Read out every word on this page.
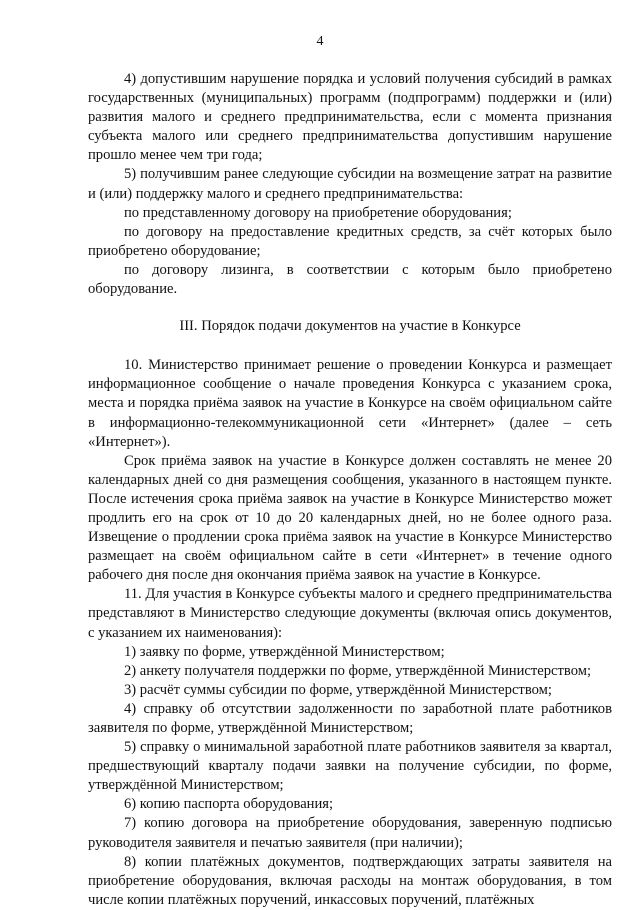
4

4) допустившим нарушение порядка и условий получения субсидий в рамках государственных (муниципальных) программ (подпрограмм) поддержки и (или) развития малого и среднего предпринимательства, если с момента признания субъекта малого или среднего предпринимательства допустившим нарушение прошло менее чем три года;

5) получившим ранее следующие субсидии на возмещение затрат на развитие и (или) поддержку малого и среднего предпринимательства:

по представленному договору на приобретение оборудования;

по договору на предоставление кредитных средств, за счёт которых было приобретено оборудование;

по договору лизинга, в соответствии с которым было приобретено оборудование.

III. Порядок подачи документов на участие в Конкурсе

10. Министерство принимает решение о проведении Конкурса и размещает информационное сообщение о начале проведения Конкурса с указанием срока, места и порядка приёма заявок на участие в Конкурсе на своём официальном сайте в информационно-телекоммуникационной сети «Интернет» (далее – сеть «Интернет»).

Срок приёма заявок на участие в Конкурсе должен составлять не менее 20 календарных дней со дня размещения сообщения, указанного в настоящем пункте. После истечения срока приёма заявок на участие в Конкурсе Министерство может продлить его на срок от 10 до 20 календарных дней, но не более одного раза. Извещение о продлении срока приёма заявок на участие в Конкурсе Министерство размещает на своём официальном сайте в сети «Интернет» в течение одного рабочего дня после дня окончания приёма заявок на участие в Конкурсе.

11. Для участия в Конкурсе субъекты малого и среднего предпринимательства представляют в Министерство следующие документы (включая опись документов, с указанием их наименования):

1) заявку по форме, утверждённой Министерством;

2) анкету получателя поддержки по форме, утверждённой Министерством;

3) расчёт суммы субсидии по форме, утверждённой Министерством;

4) справку об отсутствии задолженности по заработной плате работников заявителя по форме, утверждённой Министерством;

5) справку о минимальной заработной плате работников заявителя за квартал, предшествующий кварталу подачи заявки на получение субсидии, по форме, утверждённой Министерством;

6) копию паспорта оборудования;

7) копию договора на приобретение оборудования, заверенную подписью руководителя заявителя и печатью заявителя (при наличии);

8) копии платёжных документов, подтверждающих затраты заявителя на приобретение оборудования, включая расходы на монтаж оборудования, в том числе копии платёжных поручений, инкассовых поручений, платёжных
